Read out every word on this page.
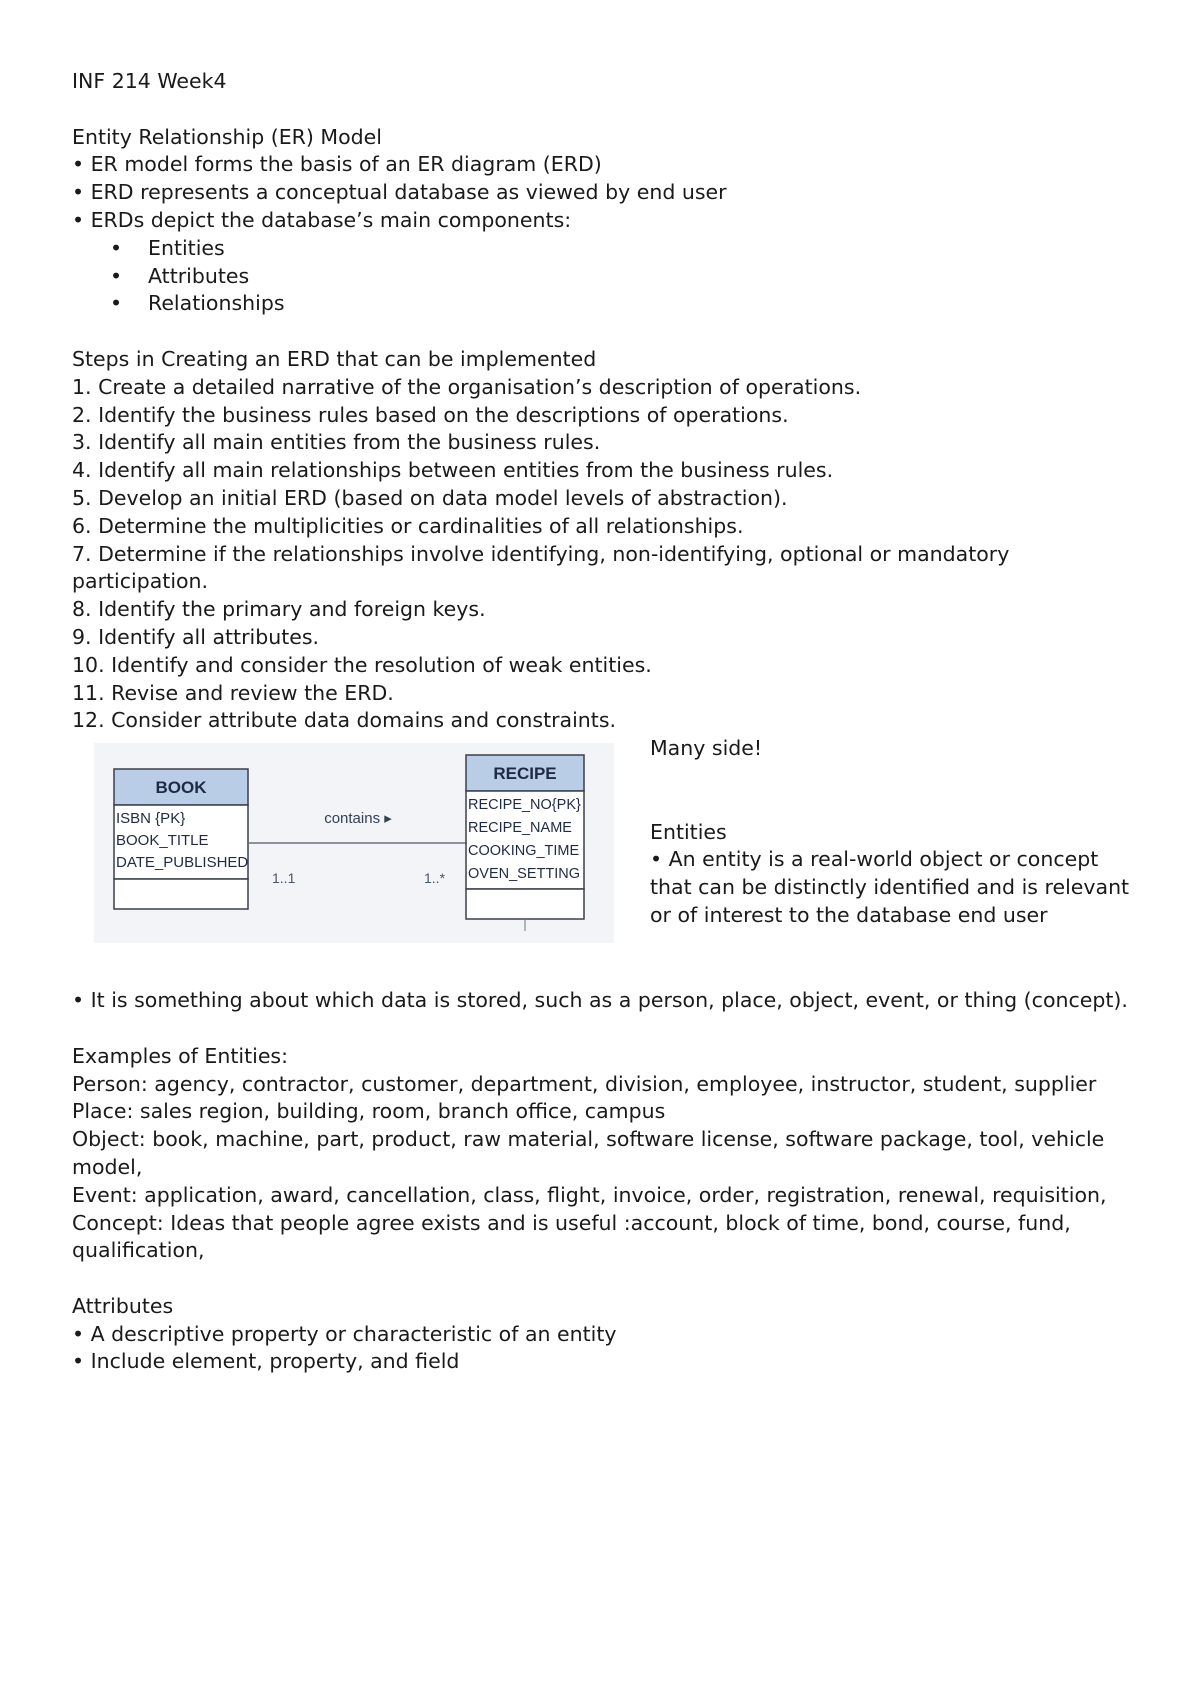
INF 214 Week4

Entity Relationship (ER) Model

• ER model forms the basis of an ER diagram (ERD)

• ERD represents a conceptual database as viewed by end user

• ERDs depict the database’s main components:

• Entities

• Attributes

• Relationships

Steps in Creating an ERD that can be implemented

1. Create a detailed narrative of the organisation’s description of operations.

2. Identify the business rules based on the descriptions of operations.

3. Identify all main entities from the business rules.

4. Identify all main relationships between entities from the business rules.

5. Develop an initial ERD (based on data model levels of abstraction).

6. Determine the multiplicities or cardinalities of all relationships.

7. Determine if the relationships involve identifying, non-identifying, optional or mandatory participation.

8. Identify the primary and foreign keys.

9. Identify all attributes.

10. Identify and consider the resolution of weak entities.

11. Revise and review the ERD.

12. Consider attribute data domains and constraints.

BOOK
ISBN {PK}
BOOK_TITLE
DATE_PUBLISHED
contains ▸
1..1	1..*
RECIPE
RECIPE_NO{PK}
RECIPE_NAME
COOKING_TIME
OVEN_SETTING

Many side!

Entities

• An entity is a real-world object or concept that can be distinctly identified and is relevant or of interest to the database end user

• It is something about which data is stored, such as a person, place, object, event, or thing (concept).

Examples of Entities:

Person: agency, contractor, customer, department, division, employee, instructor, student, supplier

Place: sales region, building, room, branch office, campus

Object: book, machine, part, product, raw material, software license, software package, tool, vehicle model,

Event: application, award, cancellation, class, flight, invoice, order, registration, renewal, requisition,

Concept: Ideas that people agree exists and is useful :account, block of time, bond, course, fund, qualification,

Attributes

• A descriptive property or characteristic of an entity

• Include element, property, and field
